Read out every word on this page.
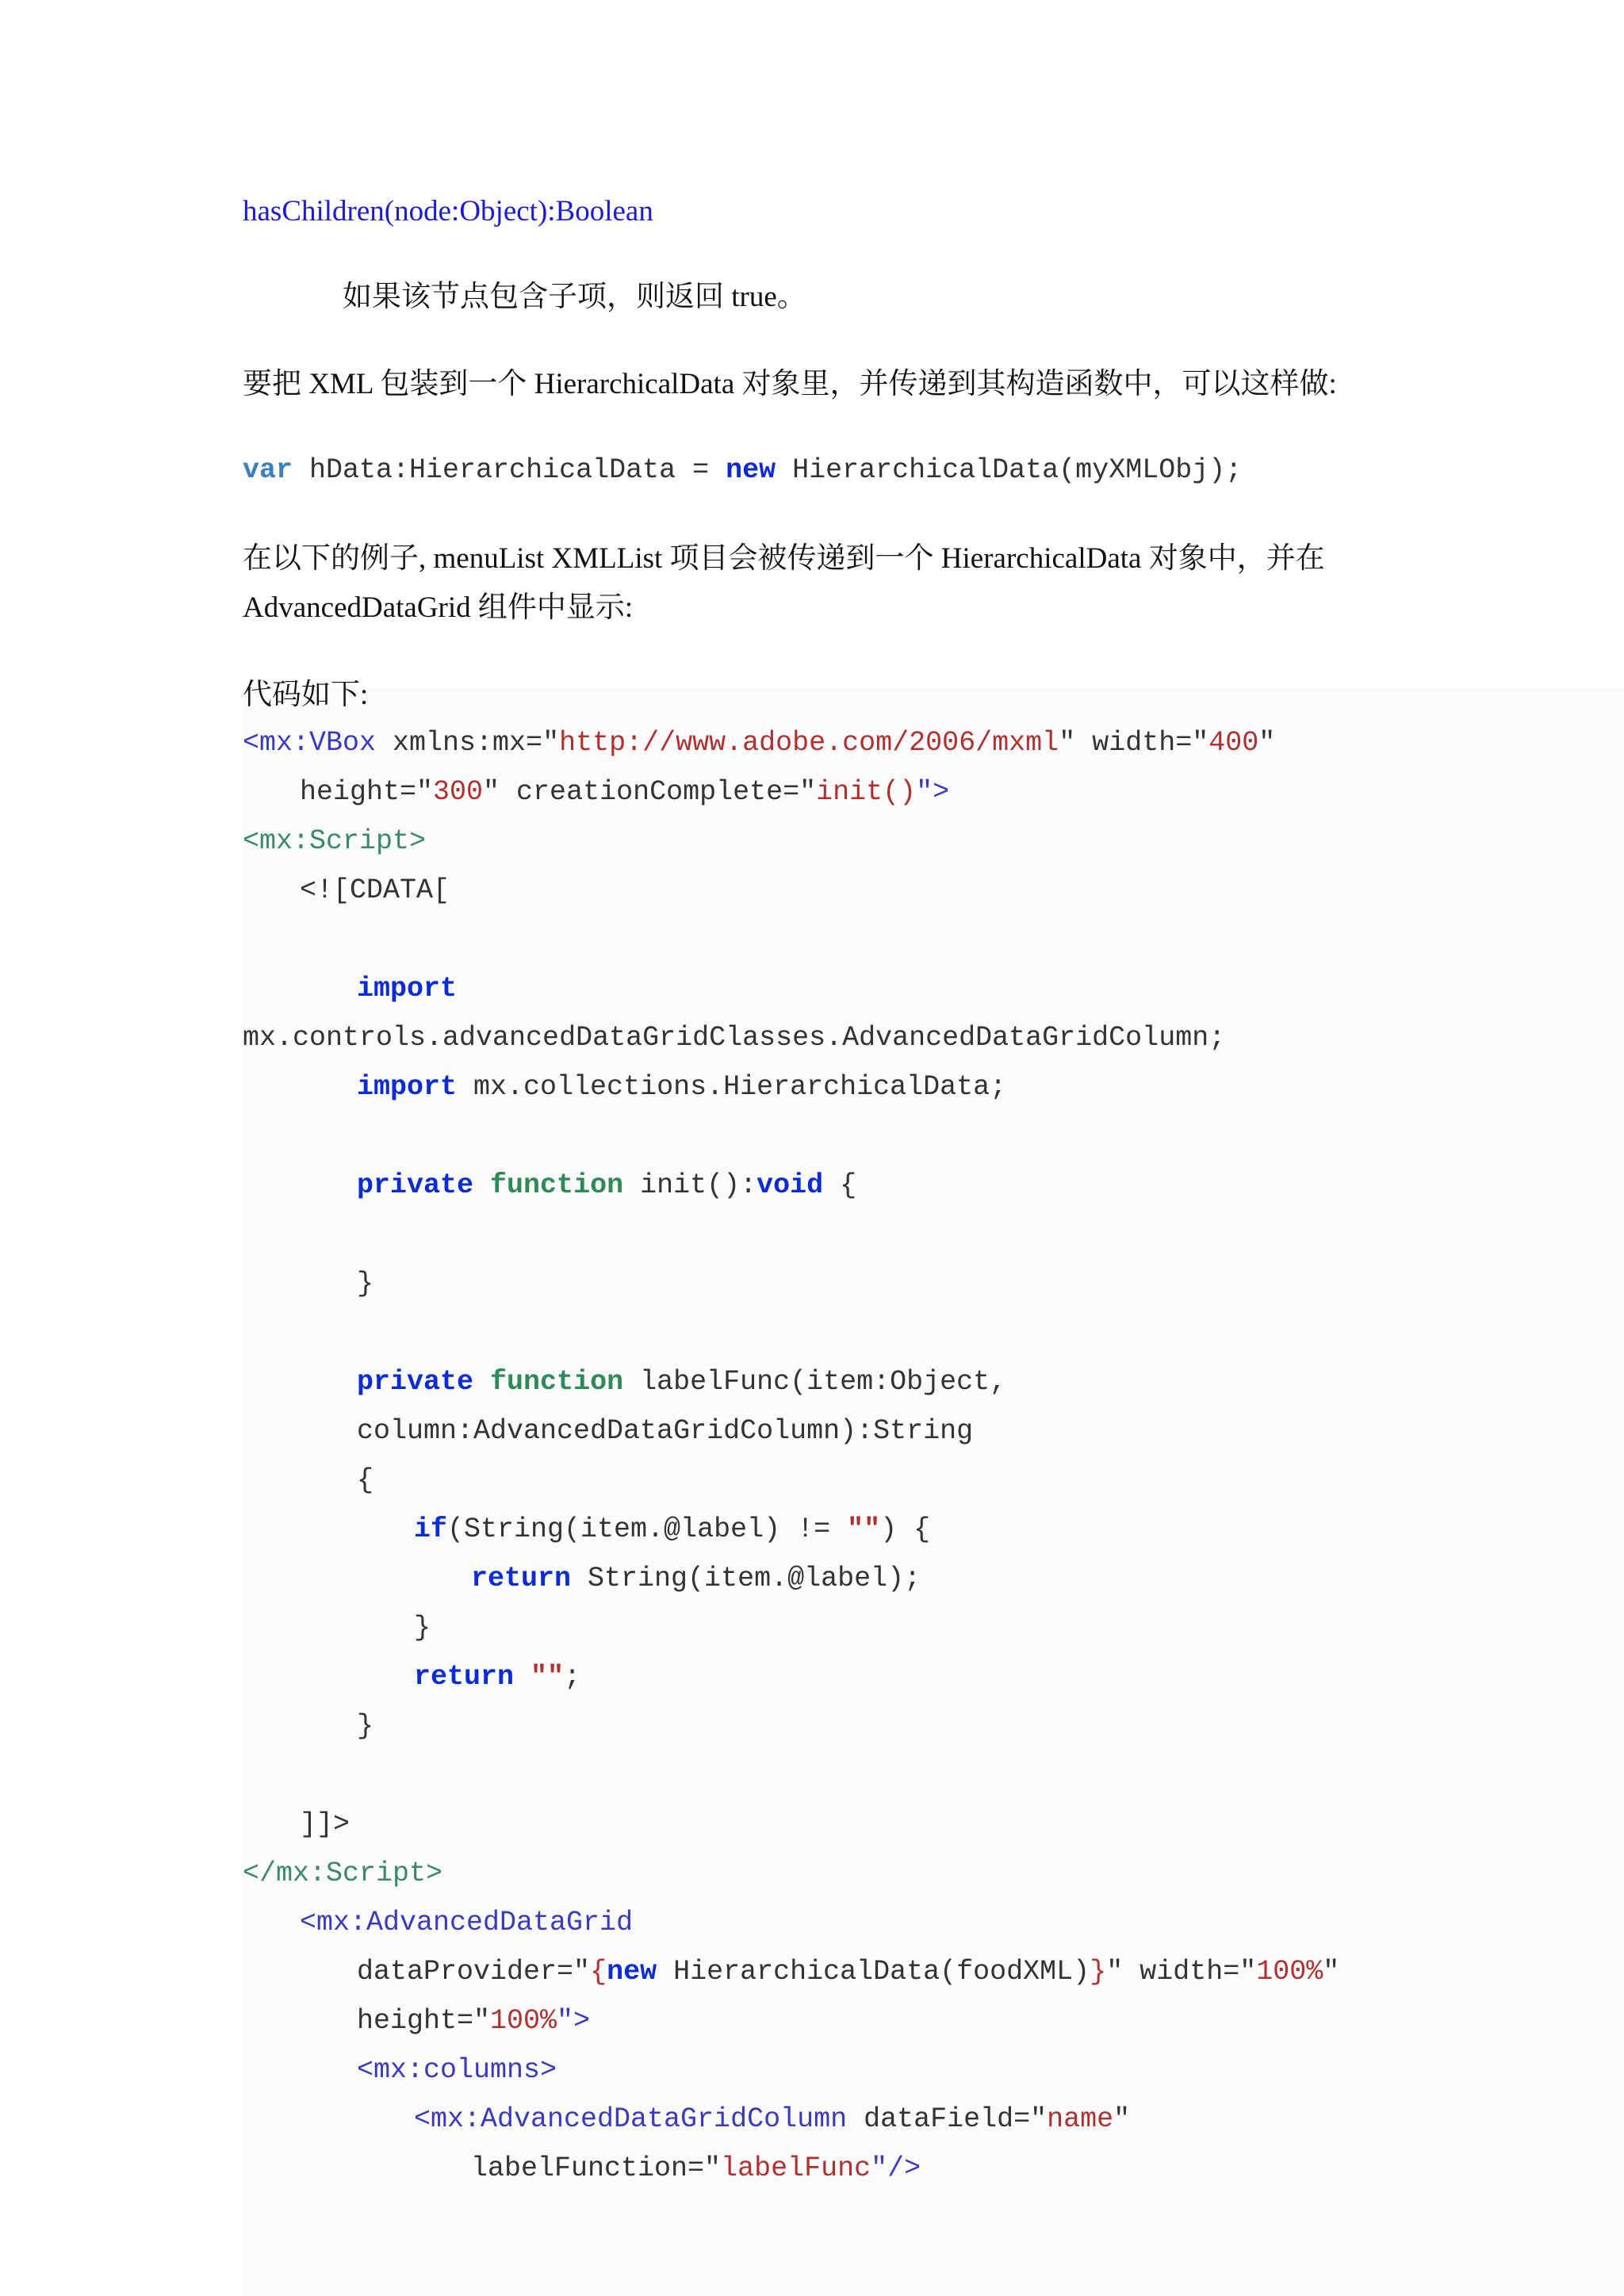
hasChildren(node:Object):Boolean
如果该节点包含子项，则返回 true。
要把 XML 包装到一个 HierarchicalData 对象里，并传递到其构造函数中，可以这样做:
var hData:HierarchicalData = new HierarchicalData(myXMLObj);
在以下的例子, menuList XMLList 项目会被传递到一个 HierarchicalData 对象中，并在
AdvancedDataGrid 组件中显示:
代码如下:
<mx:VBox xmlns:mx="http://www.adobe.com/2006/mxml" width="400"
height="300" creationComplete="init()">
<mx:Script>
<![CDATA[
import
mx.controls.advancedDataGridClasses.AdvancedDataGridColumn;
import mx.collections.HierarchicalData;
private function init():void {
}
private function labelFunc(item:Object,
column:AdvancedDataGridColumn):String
{
if(String(item.@label) != "") {
return String(item.@label);
}
return "";
}
]]>
</mx:Script>
<mx:AdvancedDataGrid
dataProvider="{new HierarchicalData(foodXML)}" width="100%"
height="100%">
<mx:columns>
<mx:AdvancedDataGridColumn dataField="name"
labelFunction="labelFunc"/>
